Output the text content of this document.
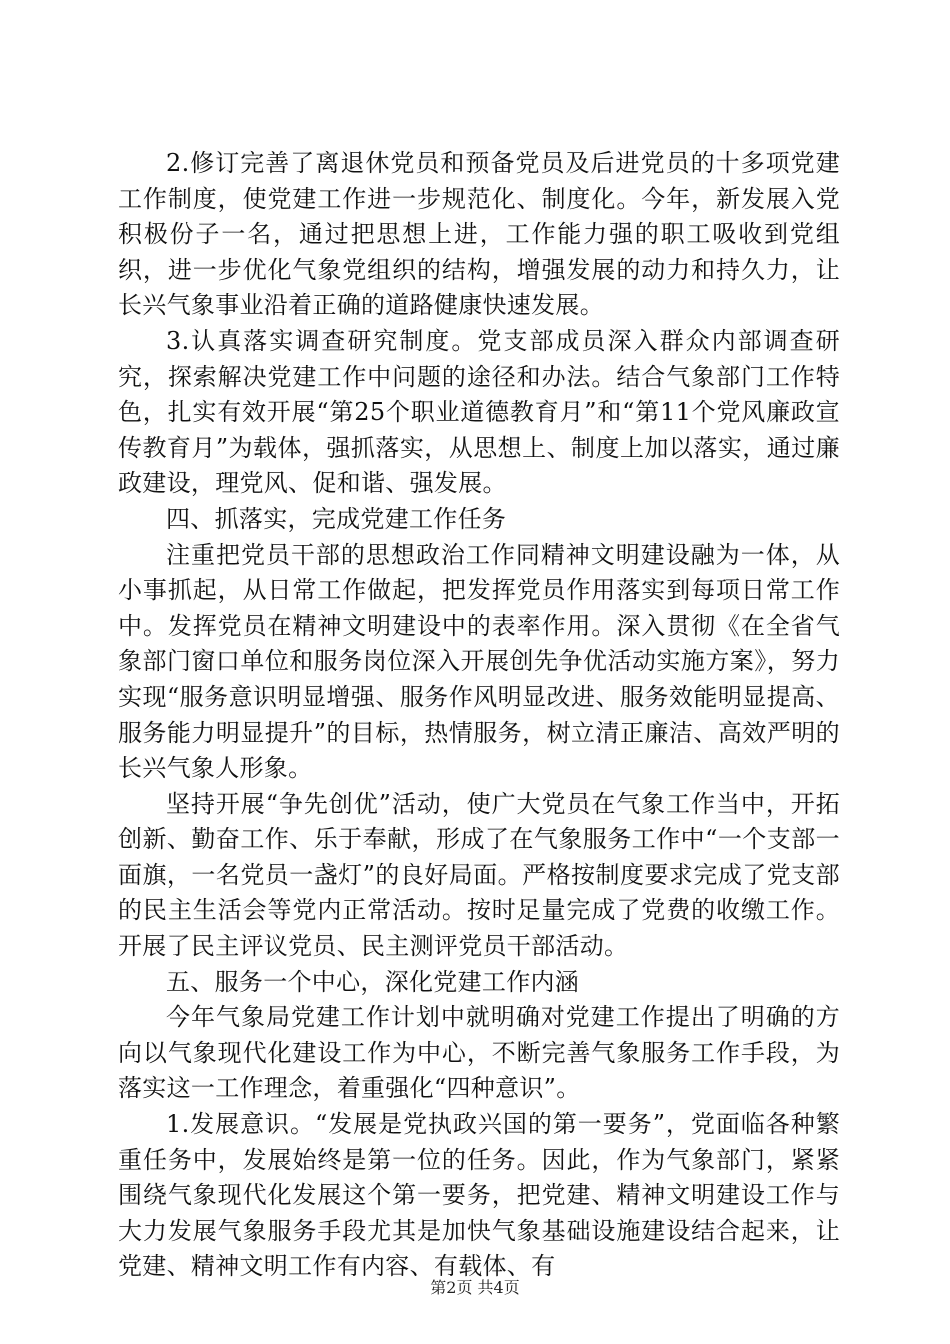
2.修订完善了离退休党员和预备党员及后进党员的十多项党建工作制度，使党建工作进一步规范化、制度化。今年，新发展入党积极份子一名，通过把思想上进，工作能力强的职工吸收到党组织，进一步优化气象党组织的结构，增强发展的动力和持久力，让长兴气象事业沿着正确的道路健康快速发展。

3.认真落实调查研究制度。党支部成员深入群众内部调查研究，探索解决党建工作中问题的途径和办法。结合气象部门工作特色，扎实有效开展“第25个职业道德教育月”和“第11个党风廉政宣传教育月”为载体，强抓落实，从思想上、制度上加以落实，通过廉政建设，理党风、促和谐、强发展。

四、抓落实，完成党建工作任务

注重把党员干部的思想政治工作同精神文明建设融为一体，从小事抓起，从日常工作做起，把发挥党员作用落实到每项日常工作中。发挥党员在精神文明建设中的表率作用。深入贯彻《在全省气象部门窗口单位和服务岗位深入开展创先争优活动实施方案》，努力实现“服务意识明显增强、服务作风明显改进、服务效能明显提高、服务能力明显提升”的目标，热情服务，树立清正廉洁、高效严明的长兴气象人形象。

坚持开展“争先创优”活动，使广大党员在气象工作当中，开拓创新、勤奋工作、乐于奉献，形成了在气象服务工作中“一个支部一面旗，一名党员一盏灯”的良好局面。严格按制度要求完成了党支部的民主生活会等党内正常活动。按时足量完成了党费的收缴工作。开展了民主评议党员、民主测评党员干部活动。

五、服务一个中心，深化党建工作内涵

今年气象局党建工作计划中就明确对党建工作提出了明确的方向以气象现代化建设工作为中心，不断完善气象服务工作手段，为落实这一工作理念，着重强化“四种意识”。

1.发展意识。“发展是党执政兴国的第一要务”，党面临各种繁重任务中，发展始终是第一位的任务。因此，作为气象部门，紧紧围绕气象现代化发展这个第一要务，把党建、精神文明建设工作与大力发展气象服务手段尤其是加快气象基础设施建设结合起来，让党建、精神文明工作有内容、有载体、有

第2页 共4页
